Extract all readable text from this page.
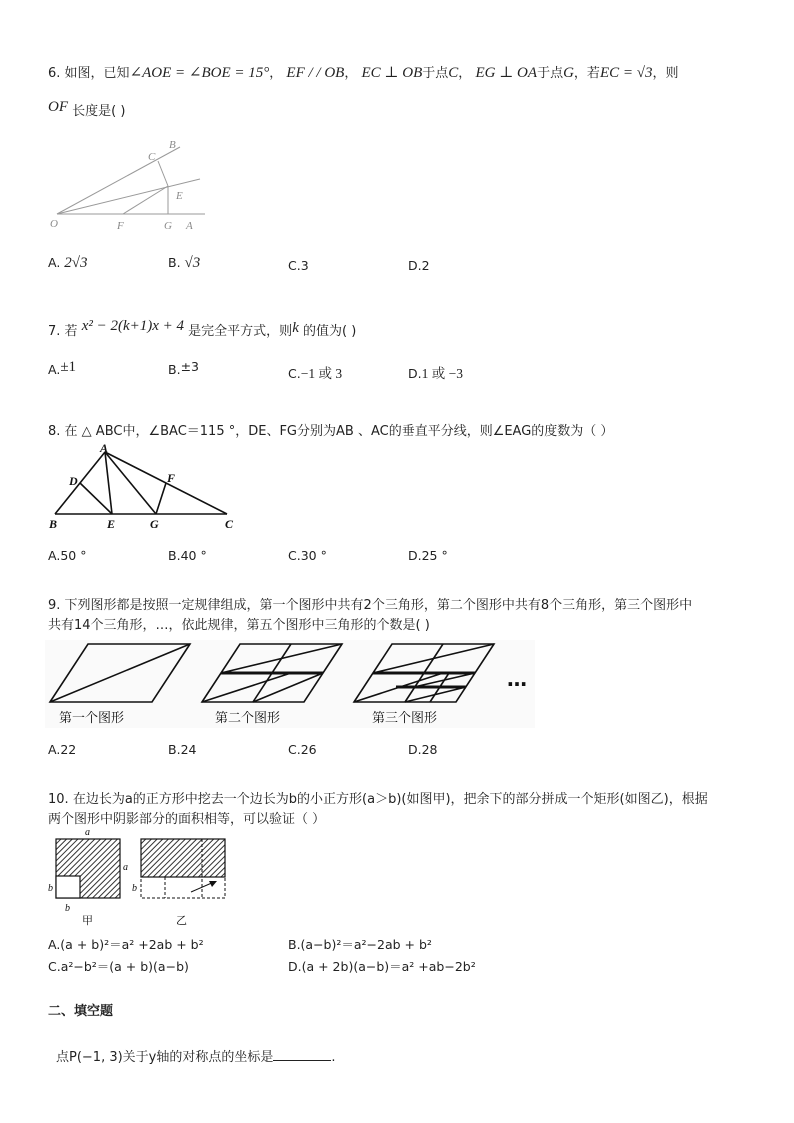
6. 如图，已知∠AOE = ∠BOE = 15°， EF / / OB， EC ⊥ OB于点C， EG ⊥ OA于点G，若EC = √3，则
OF 长度是( )
B
C
E
O	F	G A
A. 2√3	B. √3	C.3	D.2
7. 若 x² − 2(k+1)x + 4 是完全平方式，则k 的值为( )
A.±1	B.±3	C.−1 或 3	D.1 或 −3
8. 在 △ ABC中，∠BAC＝115 °，DE、FG分别为AB 、AC的垂直平分线，则∠EAG的度数为（ ）
A
D	F
B	E	G	C
A.50 °	B.40 °	C.30 °	D.25 °
9. 下列图形都是按照一定规律组成，第一个图形中共有2个三角形，第二个图形中共有8个三角形，第三个图形中
共有14个三角形，…，依此规律，第五个图形中三角形的个数是( )
第一个图形	第二个图形	第三个图形
…
A.22	B.24	C.26	D.28
10. 在边长为a的正方形中挖去一个边长为b的小正方形(a＞b)(如图甲)，把余下的部分拼成一个矩形(如图乙)，根据
两个图形中阴影部分的面积相等，可以验证（ ）
a
a
b
b
b
甲	乙
A.(a + b)²＝a² +2ab + b²	B.(a−b)²＝a²−2ab + b²
C.a²−b²＝(a + b)(a−b)	D.(a + 2b)(a−b)＝a² +ab−2b²
二、填空题
点P(−1, 3)关于y轴的对称点的坐标是	.
